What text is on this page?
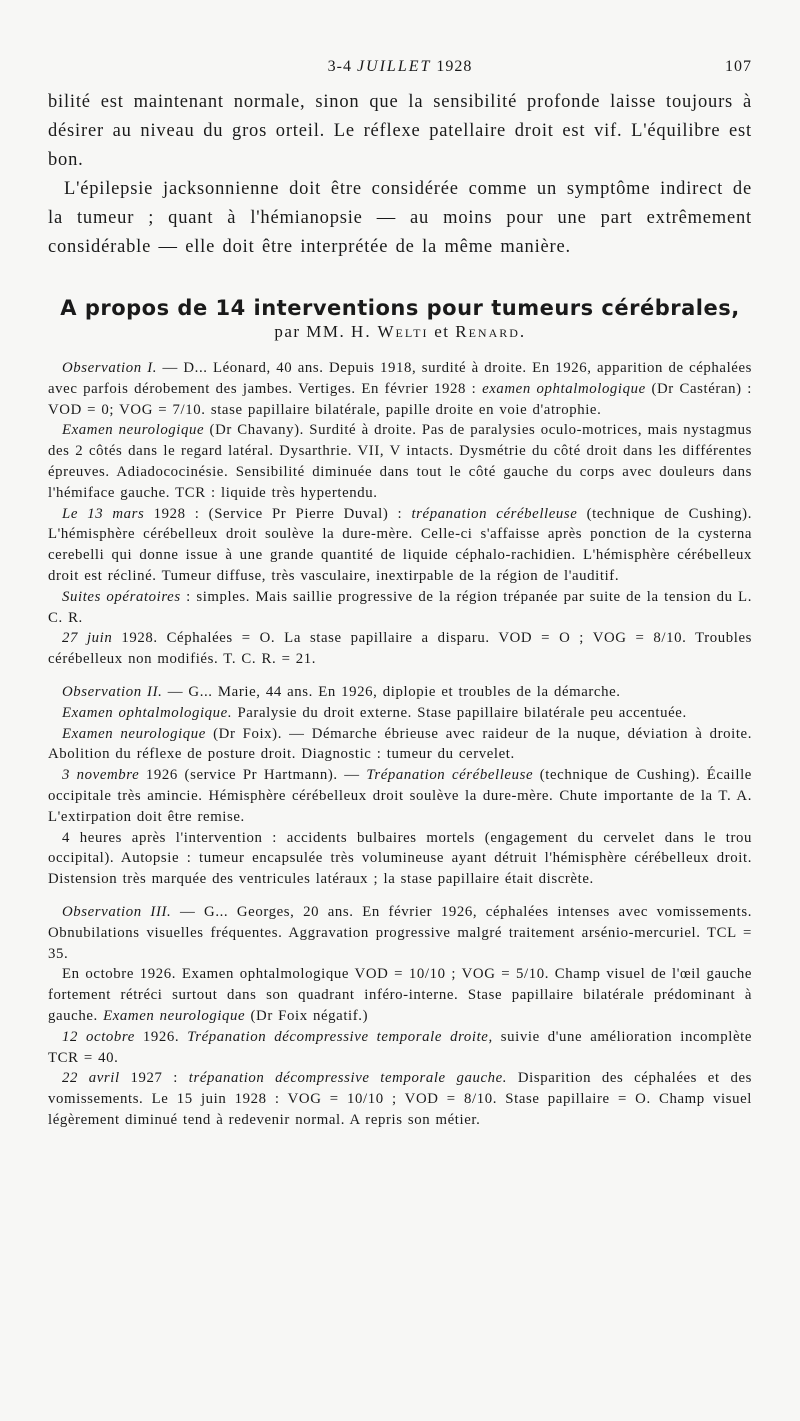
3-4 JUILLET 1928	107

bilité est maintenant normale, sinon que la sensibilité profonde laisse toujours à désirer au niveau du gros orteil. Le réflexe patellaire droit est vif. L'équilibre est bon.

L'épilepsie jacksonnienne doit être considérée comme un symptôme indirect de la tumeur ; quant à l'hémianopsie — au moins pour une part extrêmement considérable — elle doit être interprétée de la même manière.

A propos de 14 interventions pour tumeurs cérébrales,
par MM. H. Welti et Renard.

Observation I. — D... Léonard, 40 ans. Depuis 1918, surdité à droite. En 1926, apparition de céphalées avec parfois dérobement des jambes. Vertiges. En février 1928 : examen ophtalmologique (Dr Castéran) : VOD = 0; VOG = 7/10. stase papillaire bilatérale, papille droite en voie d'atrophie.

Examen neurologique (Dr Chavany). Surdité à droite. Pas de paralysies oculo-motrices, mais nystagmus des 2 côtés dans le regard latéral. Dysarthrie. VII, V intacts. Dysmétrie du côté droit dans les différentes épreuves. Adiadococinésie. Sensibilité diminuée dans tout le côté gauche du corps avec douleurs dans l'hémiface gauche. TCR : liquide très hypertendu.

Le 13 mars 1928 : (Service Pr Pierre Duval) : trépanation cérébelleuse (technique de Cushing). L'hémisphère cérébelleux droit soulève la dure-mère. Celle-ci s'affaisse après ponction de la cysterna cerebelli qui donne issue à une grande quantité de liquide céphalo-rachidien. L'hémisphère cérébelleux droit est récliné. Tumeur diffuse, très vasculaire, inextirpable de la région de l'auditif.

Suites opératoires : simples. Mais saillie progressive de la région trépanée par suite de la tension du L. C. R.

27 juin 1928. Céphalées = O. La stase papillaire a disparu. VOD = O ; VOG = 8/10. Troubles cérébelleux non modifiés. T. C. R. = 21.

Observation II. — G... Marie, 44 ans. En 1926, diplopie et troubles de la démarche.

Examen ophtalmologique. Paralysie du droit externe. Stase papillaire bilatérale peu accentuée.

Examen neurologique (Dr Foix). — Démarche ébrieuse avec raideur de la nuque, déviation à droite. Abolition du réflexe de posture droit. Diagnostic : tumeur du cervelet.

3 novembre 1926 (service Pr Hartmann). — Trépanation cérébelleuse (technique de Cushing). Écaille occipitale très amincie. Hémisphère cérébelleux droit soulève la dure-mère. Chute importante de la T. A. L'extirpation doit être remise.

4 heures après l'intervention : accidents bulbaires mortels (engagement du cervelet dans le trou occipital). Autopsie : tumeur encapsulée très volumineuse ayant détruit l'hémisphère cérébelleux droit. Distension très marquée des ventricules latéraux ; la stase papillaire était discrète.

Observation III. — G... Georges, 20 ans. En février 1926, céphalées intenses avec vomissements. Obnubilations visuelles fréquentes. Aggravation progressive malgré traitement arsénio-mercuriel. TCL = 35.

En octobre 1926. Examen ophtalmologique VOD = 10/10 ; VOG = 5/10. Champ visuel de l'œil gauche fortement rétréci surtout dans son quadrant inféro-interne. Stase papillaire bilatérale prédominant à gauche. Examen neurologique (Dr Foix négatif.)

12 octobre 1926. Trépanation décompressive temporale droite, suivie d'une amélioration incomplète TCR = 40.

22 avril 1927 : trépanation décompressive temporale gauche. Disparition des céphalées et des vomissements. Le 15 juin 1928 : VOG = 10/10 ; VOD = 8/10. Stase papillaire = O. Champ visuel légèrement diminué tend à redevenir normal. A repris son métier.
